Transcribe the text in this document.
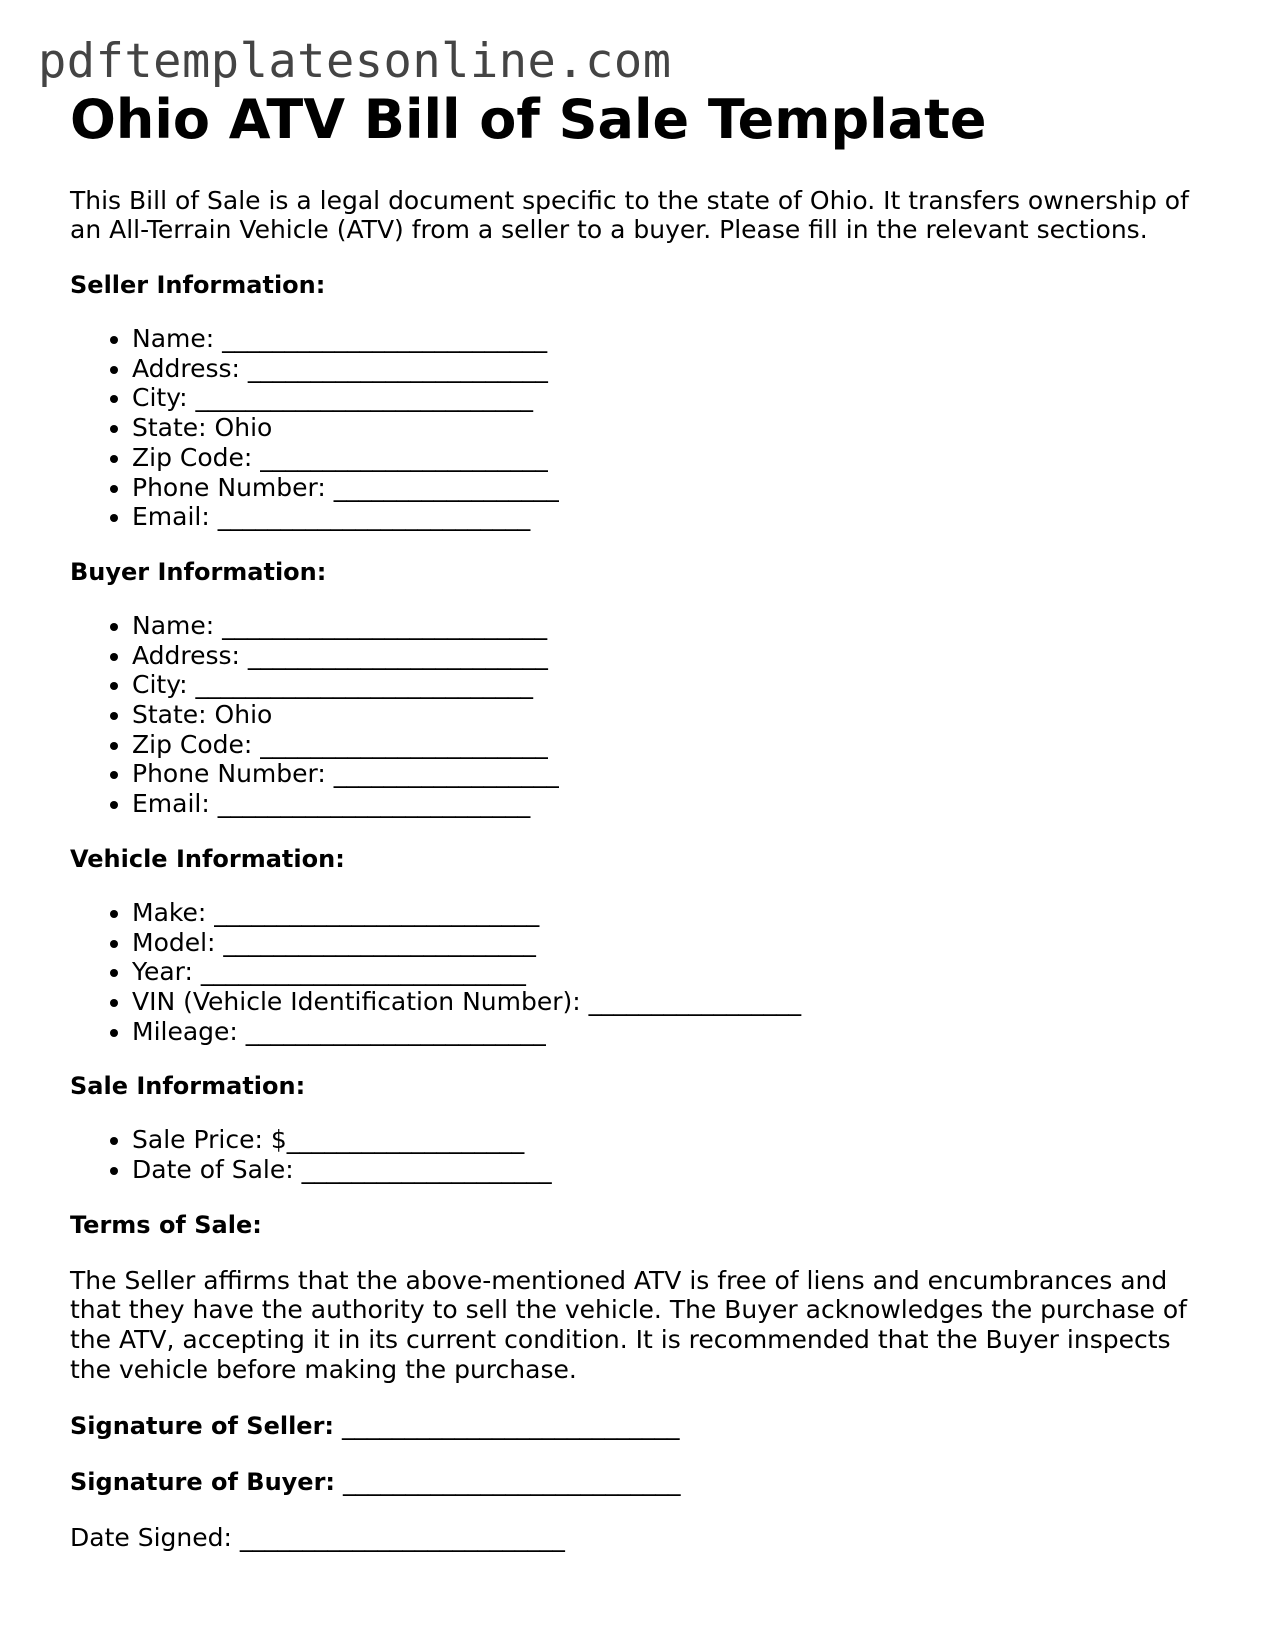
pdftemplatesonline.com
Ohio ATV Bill of Sale Template

This Bill of Sale is a legal document specific to the state of Ohio. It transfers ownership of an All-Terrain Vehicle (ATV) from a seller to a buyer. Please fill in the relevant sections.

Seller Information:
• Name: __________________________
• Address: ________________________
• City: ___________________________
• State: Ohio
• Zip Code: _______________________
• Phone Number: __________________
• Email: _________________________
Buyer Information:
• Name: __________________________
• Address: ________________________
• City: ___________________________
• State: Ohio
• Zip Code: _______________________
• Phone Number: __________________
• Email: _________________________
Vehicle Information:
• Make: __________________________
• Model: _________________________
• Year: __________________________
• VIN (Vehicle Identification Number): _________________
• Mileage: ________________________
Sale Information:
• Sale Price: $___________________
• Date of Sale: ____________________
Terms of Sale:

The Seller affirms that the above-mentioned ATV is free of liens and encumbrances and that they have the authority to sell the vehicle. The Buyer acknowledges the purchase of the ATV, accepting it in its current condition. It is recommended that the Buyer inspects the vehicle before making the purchase.

Signature of Seller: ___________________________

Signature of Buyer: ___________________________

Date Signed: __________________________
